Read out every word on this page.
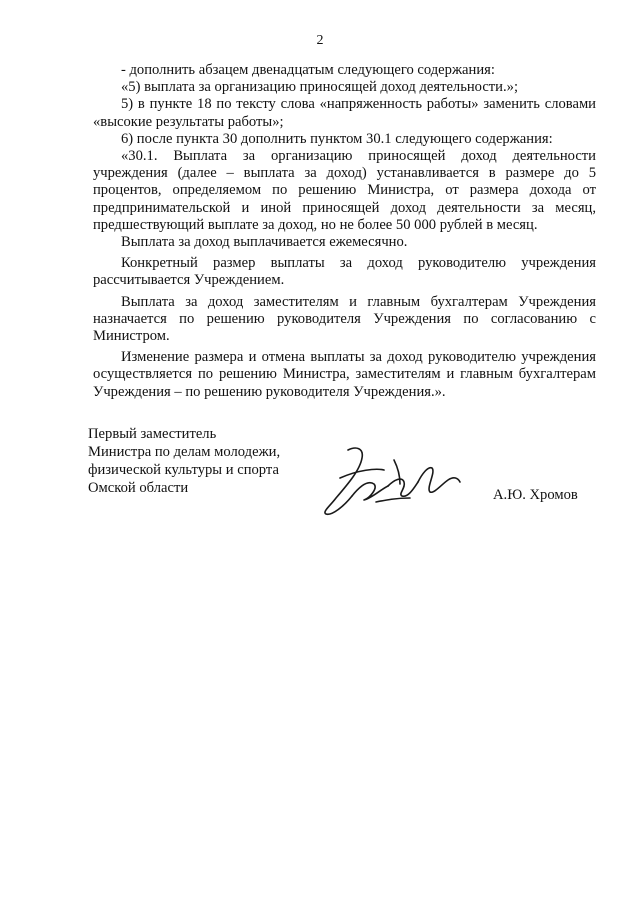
2

- дополнить абзацем двенадцатым следующего содержания:

«5) выплата за организацию приносящей доход деятельности.»;

5) в пункте 18 по тексту слова «напряженность работы» заменить словами «высокие результаты работы»;

6) после пункта 30 дополнить пунктом 30.1 следующего содержания:

«30.1. Выплата за организацию приносящей доход деятельности учреждения (далее – выплата за доход) устанавливается в размере до 5 процентов, определяемом по решению Министра, от размера дохода от предпринимательской и иной приносящей доход деятельности за месяц, предшествующий выплате за доход, но не более 50 000 рублей в месяц.

Выплата за доход выплачивается ежемесячно.

Конкретный размер выплаты за доход руководителю учреждения рассчитывается Учреждением.

Выплата за доход заместителям и главным бухгалтерам Учреждения назначается по решению руководителя Учреждения по согласованию с Министром.

Изменение размера и отмена выплаты за доход руководителю учреждения осуществляется по решению Министра, заместителям и главным бухгалтерам Учреждения – по решению руководителя Учреждения.».

Первый заместитель
Министра по делам молодежи,
физической культуры и спорта
Омской области	А.Ю. Хромов
